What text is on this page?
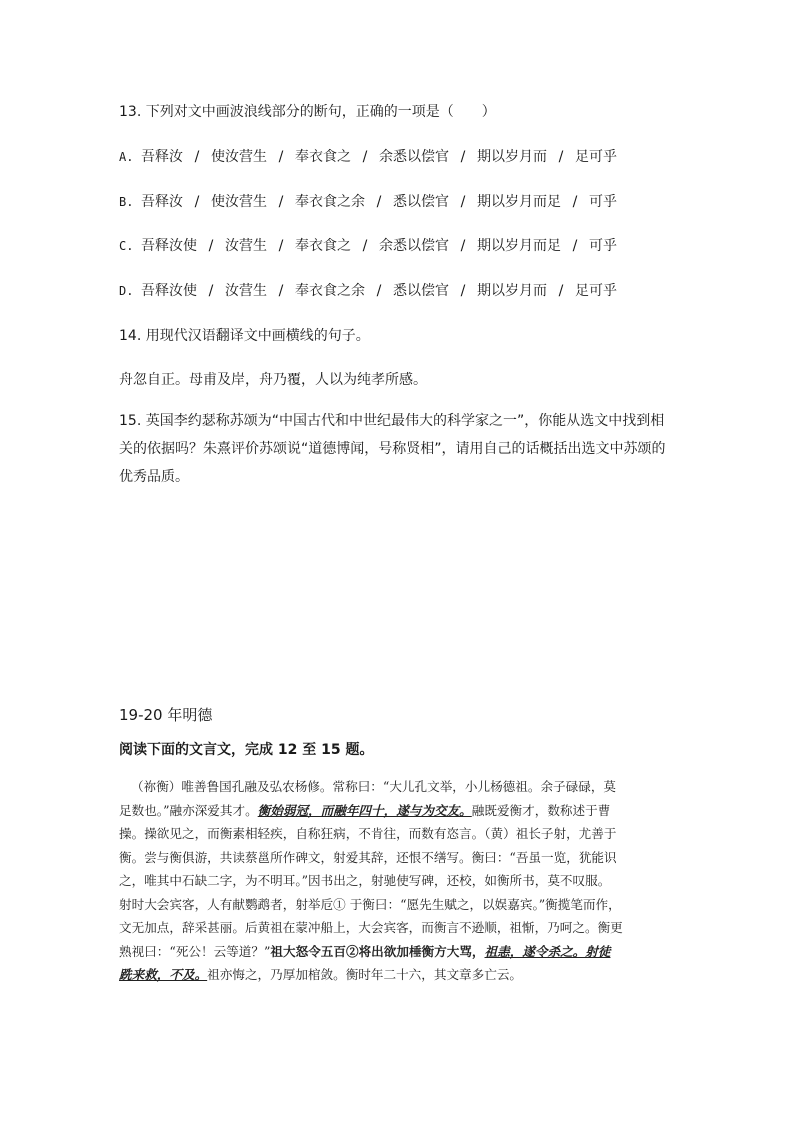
13. 下列对文中画波浪线部分的断句，正确的一项是（　　）
A. 吾释汝 / 使汝营生 / 奉衣食之 / 余悉以偿官 / 期以岁月而 / 足可乎
B. 吾释汝 / 使汝营生 / 奉衣食之余 / 悉以偿官 / 期以岁月而足 / 可乎
C. 吾释汝使 / 汝营生 / 奉衣食之 / 余悉以偿官 / 期以岁月而足 / 可乎
D. 吾释汝使 / 汝营生 / 奉衣食之余 / 悉以偿官 / 期以岁月而 / 足可乎
14. 用现代汉语翻译文中画横线的句子。
舟忽自正。母甫及岸，舟乃覆，人以为纯孝所感。
15. 英国李约瑟称苏颂为“中国古代和中世纪最伟大的科学家之一”，你能从选文中找到相
关的依据吗？朱熹评价苏颂说“道德博闻，号称贤相”，请用自己的话概括出选文中苏颂的
优秀品质。
19-20 年明德
阅读下面的文言文，完成 12 至 15 题。
（祢衡）唯善鲁国孔融及弘农杨修。常称曰：“大儿孔文举，小儿杨德祖。余子碌碌，莫
足数也。”融亦深爱其才。衡始弱冠，而融年四十，遂与为交友。融既爱衡才，数称述于曹
操。操欲见之，而衡素相轻疾，自称狂病，不肯往，而数有恣言。（黄）祖长子射，尤善于
衡。尝与衡俱游，共读蔡邕所作碑文，射爱其辞，还恨不缮写。衡曰：“吾虽一览，犹能识
之，唯其中石缺二字，为不明耳。”因书出之，射驰使写碑，还校，如衡所书，莫不叹服。
射时大会宾客，人有献鹦鹉者，射举卮① 于衡曰：“愿先生赋之，以娱嘉宾。”衡揽笔而作，
文无加点，辞采甚丽。后黄祖在蒙冲船上，大会宾客，而衡言不逊顺，祖惭，乃呵之。衡更
熟视曰：“死公！云等道？”祖大怒令五百②将出欲加棰衡方大骂，祖恚，遂令杀之。射徒
跣来救，不及。祖亦悔之，乃厚加棺敛。衡时年二十六，其文章多亡云。
